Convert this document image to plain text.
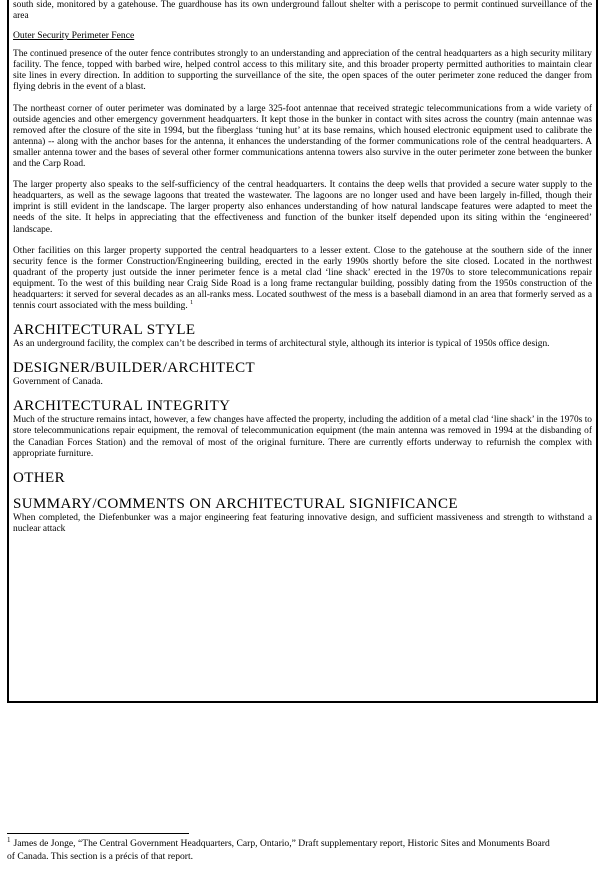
south side, monitored by a gatehouse. The guardhouse has its own underground fallout shelter with a periscope to permit continued surveillance of the area

Outer Security Perimeter Fence

The continued presence of the outer fence contributes strongly to an understanding and appreciation of the central headquarters as a high security military facility. The fence, topped with barbed wire, helped control access to this military site, and this broader property permitted authorities to maintain clear site lines in every direction. In addition to supporting the surveillance of the site, the open spaces of the outer perimeter zone reduced the danger from flying debris in the event of a blast.

The northeast corner of outer perimeter was dominated by a large 325-foot antennae that received strategic telecommunications from a wide variety of outside agencies and other emergency government headquarters. It kept those in the bunker in contact with sites across the country (main antennae was removed after the closure of the site in 1994, but the fiberglass ‘tuning hut’ at its base remains, which housed electronic equipment used to calibrate the antenna) -- along with the anchor bases for the antenna, it enhances the understanding of the former communications role of the central headquarters. A smaller antenna tower and the bases of several other former communications antenna towers also survive in the outer perimeter zone between the bunker and the Carp Road.

The larger property also speaks to the self-sufficiency of the central headquarters. It contains the deep wells that provided a secure water supply to the headquarters, as well as the sewage lagoons that treated the wastewater. The lagoons are no longer used and have been largely in-filled, though their imprint is still evident in the landscape. The larger property also enhances understanding of how natural landscape features were adapted to meet the needs of the site. It helps in appreciating that the effectiveness and function of the bunker itself depended upon its siting within the ‘engineered’ landscape.

Other facilities on this larger property supported the central headquarters to a lesser extent. Close to the gatehouse at the southern side of the inner security fence is the former Construction/Engineering building, erected in the early 1990s shortly before the site closed. Located in the northwest quadrant of the property just outside the inner perimeter fence is a metal clad ‘line shack’ erected in the 1970s to store telecommunications repair equipment. To the west of this building near Craig Side Road is a long frame rectangular building, possibly dating from the 1950s construction of the headquarters: it served for several decades as an all-ranks mess. Located southwest of the mess is a baseball diamond in an area that formerly served as a tennis court associated with the mess building. $^1$

ARCHITECTURAL STYLE

As an underground facility, the complex can’t be described in terms of architectural style, although its interior is typical of 1950s office design.

DESIGNER/BUILDER/ARCHITECT

Government of Canada.

ARCHITECTURAL INTEGRITY

Much of the structure remains intact, however, a few changes have affected the property, including the addition of a metal clad ‘line shack’ in the 1970s to store telecommunications repair equipment, the removal of telecommunication equipment (the main antenna was removed in 1994 at the disbanding of the Canadian Forces Station) and the removal of most of the original furniture. There are currently efforts underway to refurnish the complex with appropriate furniture.

OTHER
SUMMARY/COMMENTS ON ARCHITECTURAL SIGNIFICANCE

When completed, the Diefenbunker was a major engineering feat featuring innovative design, and sufficient massiveness and strength to withstand a nuclear attack

$^1$ James de Jonge, “The Central Government Headquarters, Carp, Ontario,” Draft supplementary report, Historic Sites and Monuments Board of Canada. This section is a précis of that report.
